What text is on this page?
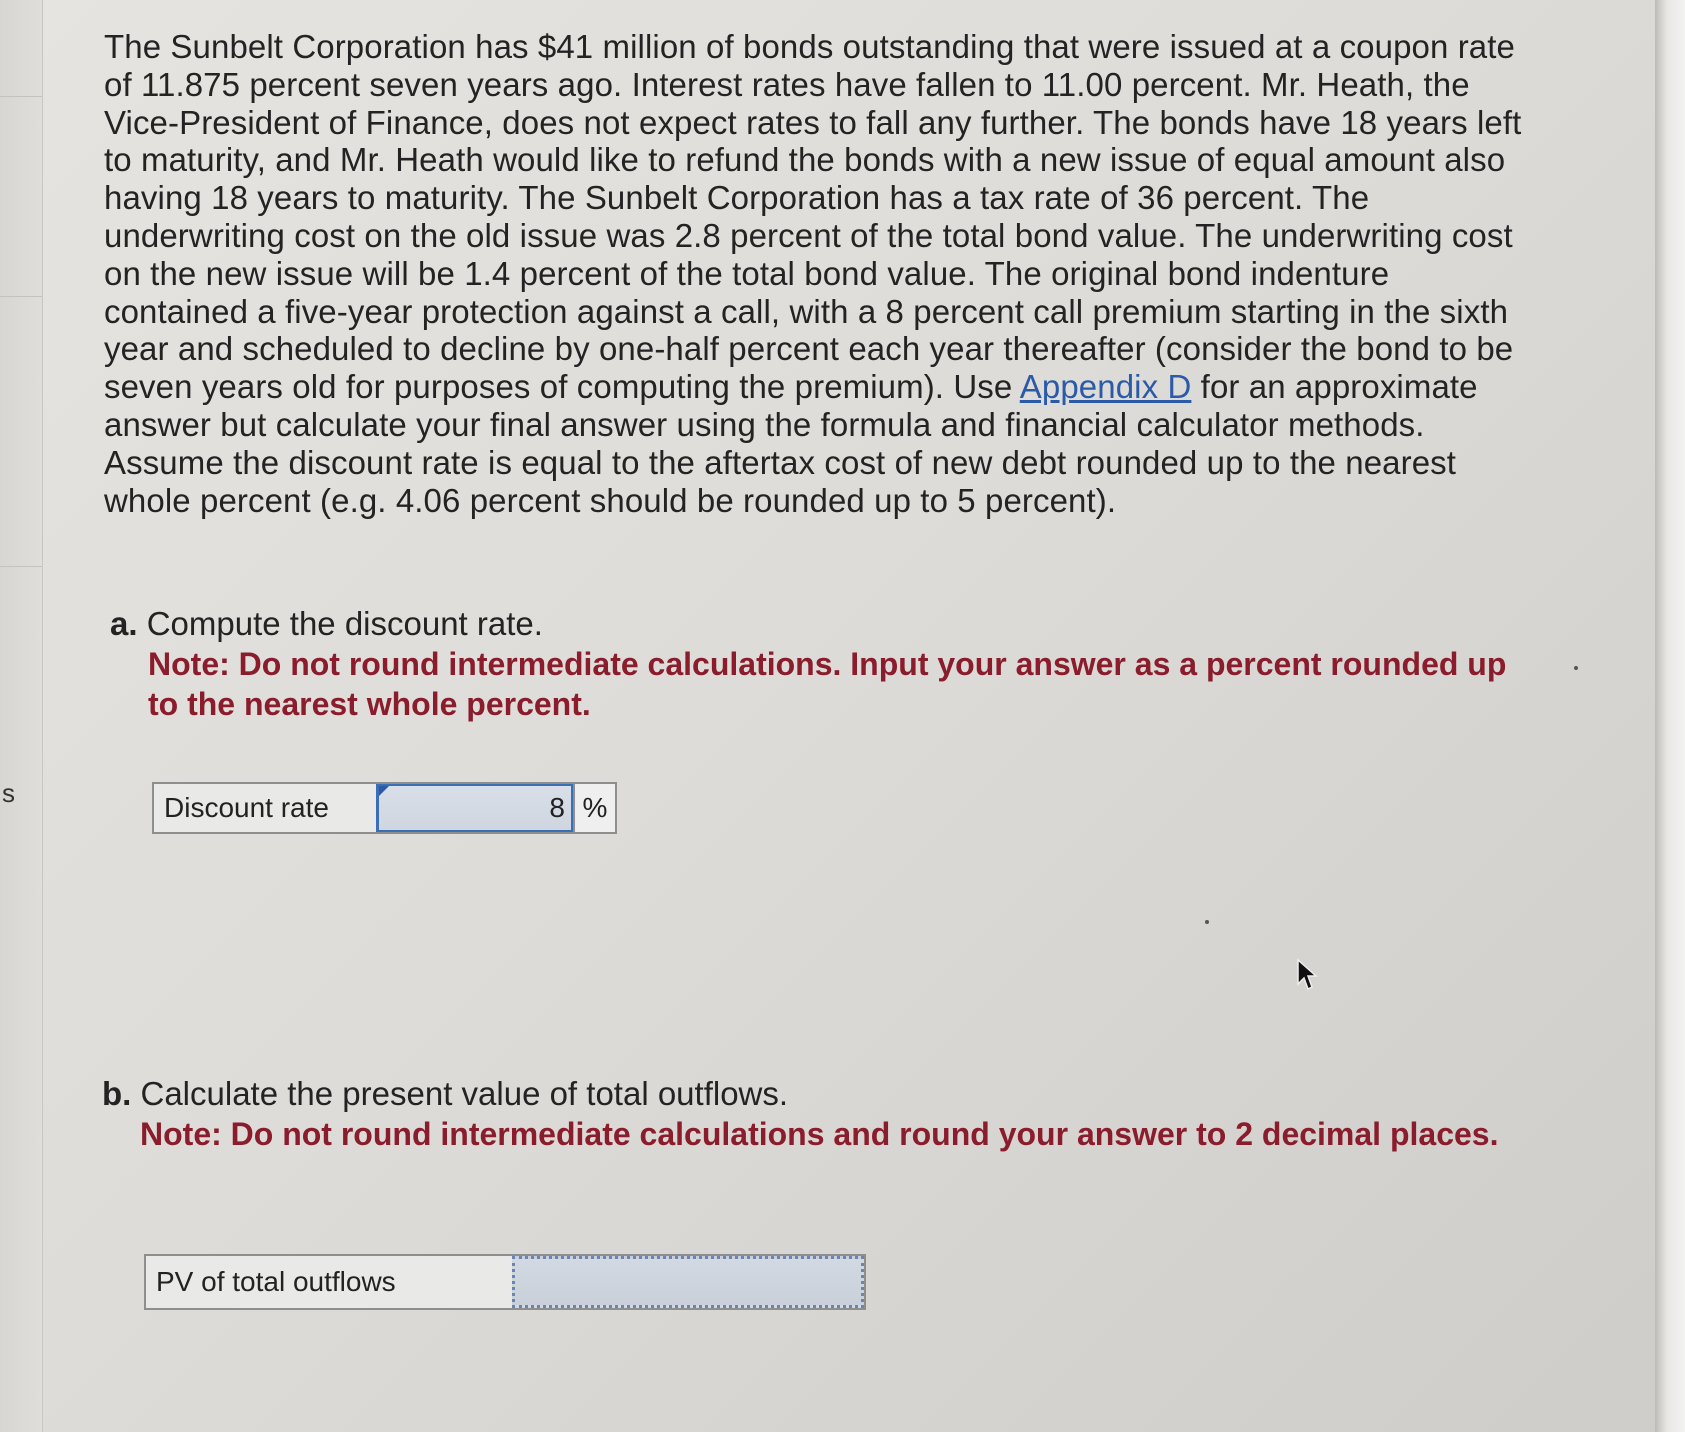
s

The Sunbelt Corporation has $41 million of bonds outstanding that were issued at a coupon rate of 11.875 percent seven years ago. Interest rates have fallen to 11.00 percent. Mr. Heath, the Vice-President of Finance, does not expect rates to fall any further. The bonds have 18 years left to maturity, and Mr. Heath would like to refund the bonds with a new issue of equal amount also having 18 years to maturity. The Sunbelt Corporation has a tax rate of 36 percent. The underwriting cost on the old issue was 2.8 percent of the total bond value. The underwriting cost on the new issue will be 1.4 percent of the total bond value. The original bond indenture contained a five-year protection against a call, with a 8 percent call premium starting in the sixth year and scheduled to decline by one-half percent each year thereafter (consider the bond to be seven years old for purposes of computing the premium). Use Appendix D for an approximate answer but calculate your final answer using the formula and financial calculator methods. Assume the discount rate is equal to the aftertax cost of new debt rounded up to the nearest whole percent (e.g. 4.06 percent should be rounded up to 5 percent).

a. Compute the discount rate.
Note: Do not round intermediate calculations. Input your answer as a percent rounded up to the nearest whole percent.
Discount rate	8 %
b. Calculate the present value of total outflows.
Note: Do not round intermediate calculations and round your answer to 2 decimal places.
PV of total outflows
